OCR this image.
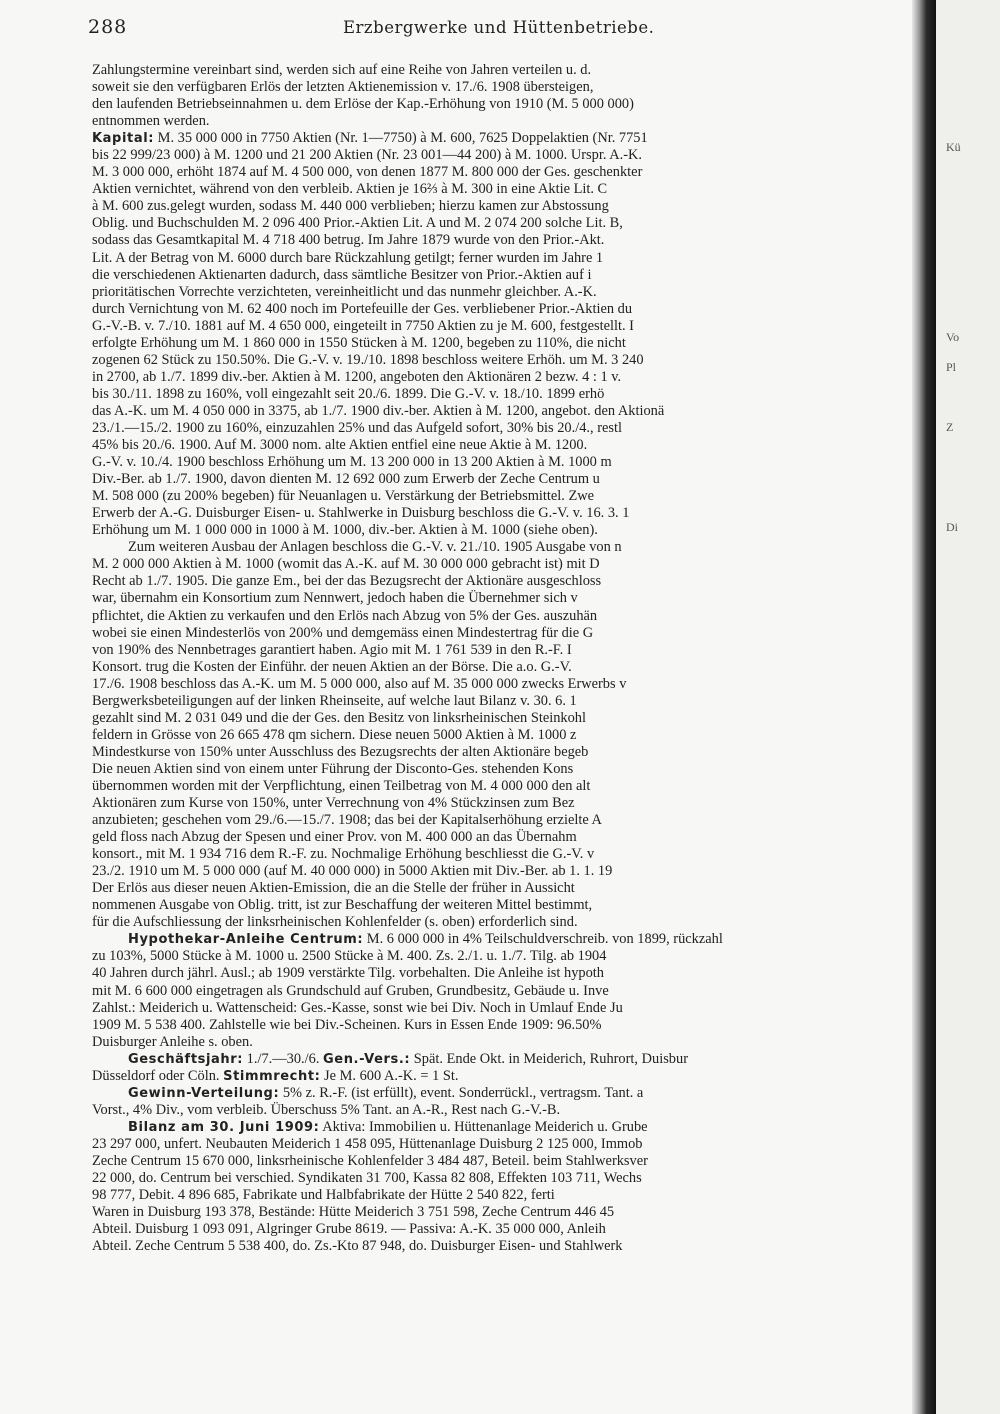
288	Erzbergwerke und Hüttenbetriebe.
Zahlungstermine vereinbart sind, werden sich auf eine Reihe von Jahren verteilen u. d.
soweit sie den verfügbaren Erlös der letzten Aktienemission v. 17./6. 1908 übersteigen,
den laufenden Betriebseinnahmen u. dem Erlöse der Kap.-Erhöhung von 1910 (M. 5 000 000)
entnommen werden.
Kapital: M. 35 000 000 in 7750 Aktien (Nr. 1—7750) à M. 600, 7625 Doppelaktien (Nr. 7751
bis 22 999/23 000) à M. 1200 und 21 200 Aktien (Nr. 23 001—44 200) à M. 1000. Urspr. A.-K.
M. 3 000 000, erhöht 1874 auf M. 4 500 000, von denen 1877 M. 800 000 der Ges. geschenkter
Aktien vernichtet, während von den verbleib. Aktien je 16⅔ à M. 300 in eine Aktie Lit. C
à M. 600 zus.gelegt wurden, sodass M. 440 000 verblieben; hierzu kamen zur Abstossung
Oblig. und Buchschulden M. 2 096 400 Prior.-Aktien Lit. A und M. 2 074 200 solche Lit. B,
sodass das Gesamtkapital M. 4 718 400 betrug. Im Jahre 1879 wurde von den Prior.-Akt.
Lit. A der Betrag von M. 6000 durch bare Rückzahlung getilgt; ferner wurden im Jahre 1
die verschiedenen Aktienarten dadurch, dass sämtliche Besitzer von Prior.-Aktien auf i
prioritätischen Vorrechte verzichteten, vereinheitlicht und das nunmehr gleichber. A.-K.
durch Vernichtung von M. 62 400 noch im Portefeuille der Ges. verbliebener Prior.-Aktien du
G.-V.-B. v. 7./10. 1881 auf M. 4 650 000, eingeteilt in 7750 Aktien zu je M. 600, festgestellt. I
erfolgte Erhöhung um M. 1 860 000 in 1550 Stücken à M. 1200, begeben zu 110%, die nicht
zogenen 62 Stück zu 150.50%. Die G.-V. v. 19./10. 1898 beschloss weitere Erhöh. um M. 3 240
in 2700, ab 1./7. 1899 div.-ber. Aktien à M. 1200, angeboten den Aktionären 2 bezw. 4 : 1 v.
bis 30./11. 1898 zu 160%, voll eingezahlt seit 20./6. 1899. Die G.-V. v. 18./10. 1899 erhö
das A.-K. um M. 4 050 000 in 3375, ab 1./7. 1900 div.-ber. Aktien à M. 1200, angebot. den Aktionä
23./1.—15./2. 1900 zu 160%, einzuzahlen 25% und das Aufgeld sofort, 30% bis 20./4., restl
45% bis 20./6. 1900. Auf M. 3000 nom. alte Aktien entfiel eine neue Aktie à M. 1200.
G.-V. v. 10./4. 1900 beschloss Erhöhung um M. 13 200 000 in 13 200 Aktien à M. 1000 m
Div.-Ber. ab 1./7. 1900, davon dienten M. 12 692 000 zum Erwerb der Zeche Centrum u
M. 508 000 (zu 200% begeben) für Neuanlagen u. Verstärkung der Betriebsmittel. Zwe
Erwerb der A.-G. Duisburger Eisen- u. Stahlwerke in Duisburg beschloss die G.-V. v. 16. 3. 1
Erhöhung um M. 1 000 000 in 1000 à M. 1000, div.-ber. Aktien à M. 1000 (siehe oben).
Zum weiteren Ausbau der Anlagen beschloss die G.-V. v. 21./10. 1905 Ausgabe von n
M. 2 000 000 Aktien à M. 1000 (womit das A.-K. auf M. 30 000 000 gebracht ist) mit D
Recht ab 1./7. 1905. Die ganze Em., bei der das Bezugsrecht der Aktionäre ausgeschloss
war, übernahm ein Konsortium zum Nennwert, jedoch haben die Übernehmer sich v
pflichtet, die Aktien zu verkaufen und den Erlös nach Abzug von 5% der Ges. auszuhän
wobei sie einen Mindesterlös von 200% und demgemäss einen Mindestertrag für die G
von 190% des Nennbetrages garantiert haben. Agio mit M. 1 761 539 in den R.-F. I
Konsort. trug die Kosten der Einführ. der neuen Aktien an der Börse. Die a.o. G.-V.
17./6. 1908 beschloss das A.-K. um M. 5 000 000, also auf M. 35 000 000 zwecks Erwerbs v
Bergwerksbeteiligungen auf der linken Rheinseite, auf welche laut Bilanz v. 30. 6. 1
gezahlt sind M. 2 031 049 und die der Ges. den Besitz von linksrheinischen Steinkohl
feldern in Grösse von 26 665 478 qm sichern. Diese neuen 5000 Aktien à M. 1000 z
Mindestkurse von 150% unter Ausschluss des Bezugsrechts der alten Aktionäre begeb
Die neuen Aktien sind von einem unter Führung der Disconto-Ges. stehenden Kons
übernommen worden mit der Verpflichtung, einen Teilbetrag von M. 4 000 000 den alt
Aktionären zum Kurse von 150%, unter Verrechnung von 4% Stückzinsen zum Bez
anzubieten; geschehen vom 29./6.—15./7. 1908; das bei der Kapitalserhöhung erzielte A
geld floss nach Abzug der Spesen und einer Prov. von M. 400 000 an das Übernahm
konsort., mit M. 1 934 716 dem R.-F. zu. Nochmalige Erhöhung beschliesst die G.-V. v
23./2. 1910 um M. 5 000 000 (auf M. 40 000 000) in 5000 Aktien mit Div.-Ber. ab 1. 1. 19
Der Erlös aus dieser neuen Aktien-Emission, die an die Stelle der früher in Aussicht
nommenen Ausgabe von Oblig. tritt, ist zur Beschaffung der weiteren Mittel bestimmt,
für die Aufschliessung der linksrheinischen Kohlenfelder (s. oben) erforderlich sind.
Hypothekar-Anleihe Centrum: M. 6 000 000 in 4% Teilschuldverschreib. von 1899, rückzahl
zu 103%, 5000 Stücke à M. 1000 u. 2500 Stücke à M. 400. Zs. 2./1. u. 1./7. Tilg. ab 1904
40 Jahren durch jährl. Ausl.; ab 1909 verstärkte Tilg. vorbehalten. Die Anleihe ist hypoth
mit M. 6 600 000 eingetragen als Grundschuld auf Gruben, Grundbesitz, Gebäude u. Inve
Zahlst.: Meiderich u. Wattenscheid: Ges.-Kasse, sonst wie bei Div. Noch in Umlauf Ende Ju
1909 M. 5 538 400. Zahlstelle wie bei Div.-Scheinen. Kurs in Essen Ende 1909: 96.50%
Duisburger Anleihe s. oben.
Geschäftsjahr: 1./7.—30./6. Gen.-Vers.: Spät. Ende Okt. in Meiderich, Ruhrort, Duisbur
Düsseldorf oder Cöln. Stimmrecht: Je M. 600 A.-K. = 1 St.
Gewinn-Verteilung: 5% z. R.-F. (ist erfüllt), event. Sonderrückl., vertragsm. Tant. a
Vorst., 4% Div., vom verbleib. Überschuss 5% Tant. an A.-R., Rest nach G.-V.-B.
Bilanz am 30. Juni 1909: Aktiva: Immobilien u. Hüttenanlage Meiderich u. Grube
23 297 000, unfert. Neubauten Meiderich 1 458 095, Hüttenanlage Duisburg 2 125 000, Immob
Zeche Centrum 15 670 000, linksrheinische Kohlenfelder 3 484 487, Beteil. beim Stahlwerksver
22 000, do. Centrum bei verschied. Syndikaten 31 700, Kassa 82 808, Effekten 103 711, Wechs
98 777, Debit. 4 896 685, Fabrikate und Halbfabrikate der Hütte 2 540 822, ferti
Waren in Duisburg 193 378, Bestände: Hütte Meiderich 3 751 598, Zeche Centrum 446 45
Abteil. Duisburg 1 093 091, Algringer Grube 8619. — Passiva: A.-K. 35 000 000, Anleih
Abteil. Zeche Centrum 5 538 400, do. Zs.-Kto 87 948, do. Duisburger Eisen- und Stahlwerk
Kü
Vo
Pl
Z
Di
